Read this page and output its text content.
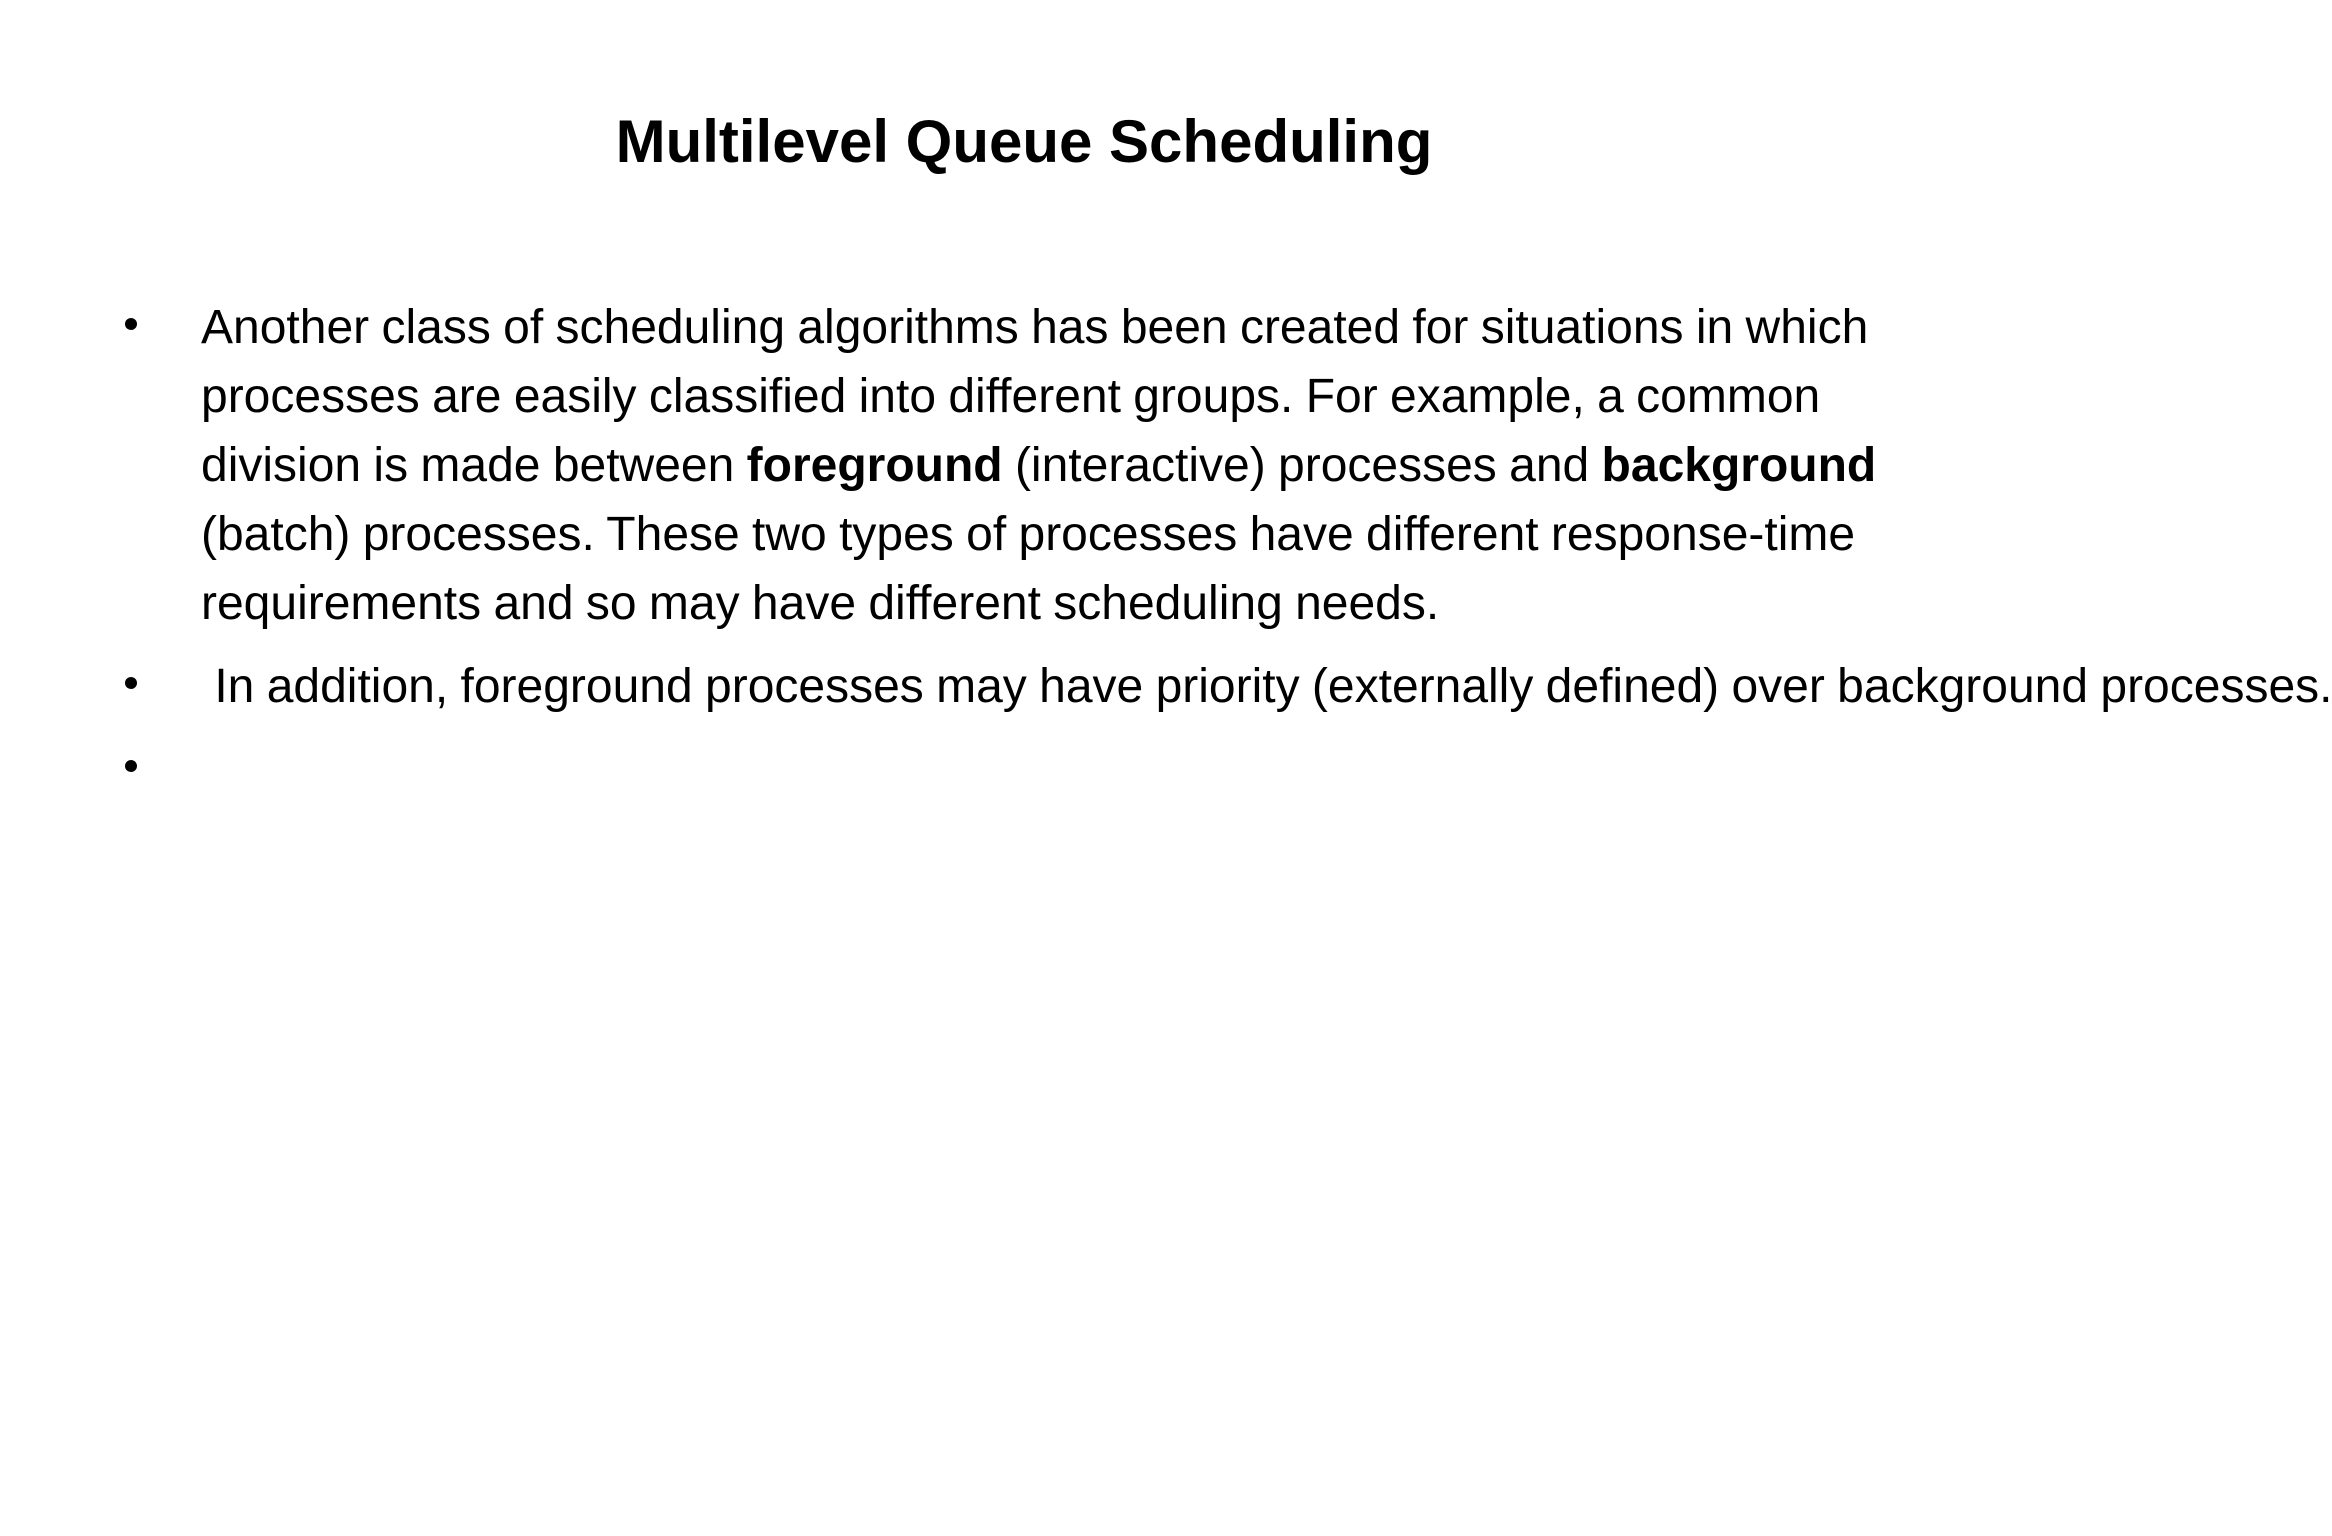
Multilevel Queue Scheduling
Another class of scheduling algorithms has been created for situations in which processes are easily classified into different groups. For example, a common division is made between foreground (interactive) processes and background (batch) processes. These two types of processes have different response-time requirements and so may have different scheduling needs.
In addition, foreground processes may have priority (externally defined) over background processes.
